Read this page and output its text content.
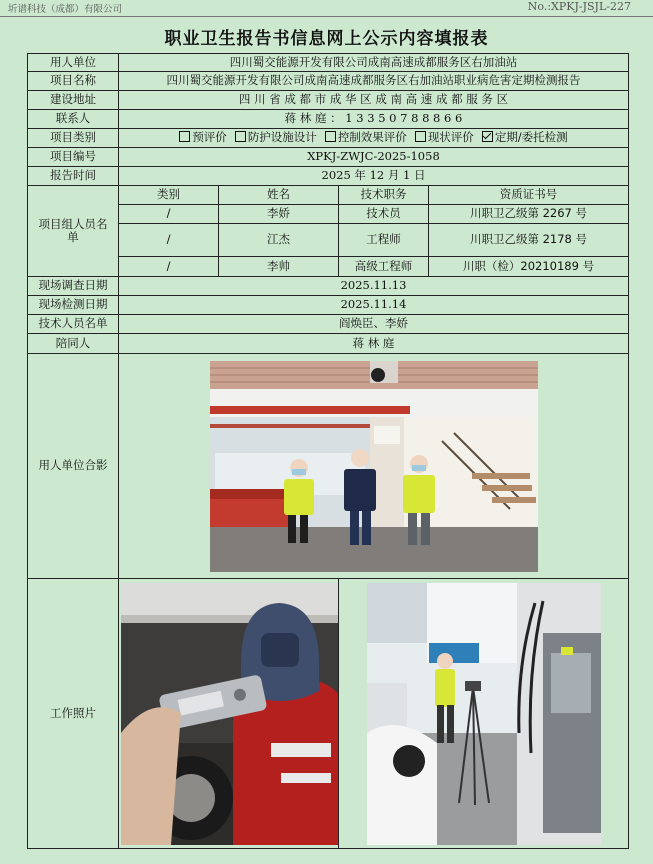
圻谱科技（成都）有限公司	No.:XPKJ-JSJL-227
职业卫生报告书信息网上公示内容填报表
用人单位	四川蜀交能源开发有限公司成南高速成都服务区右加油站			
项目名称	四川蜀交能源开发有限公司成南高速成都服务区右加油站职业病危害定期检测报告			
建设地址	四 川 省 成 都 市 成 华 区 成 南 高 速 成 都 服 务 区			
联系人	蒋 林 庭 ： 1 3 3 5 0 7 8 8 8 6 6			
项目类别	预评价 防护设施设计 控制效果评价 现状评价 定期/委托检测			
项目编号	XPKJ-ZWJC-2025-1058			
报告时间	2025 年 12 月 1 日			
项目组人员名单	类别	姓名	技术职务	资质证书号
	/	李娇	技术员	川职卫乙级第 2267 号
	/	江杰	工程师	川职卫乙级第 2178 号
	/	李帅	高级工程师	川职（检）20210189 号
现场调查日期	2025.11.13			
现场检测日期	2025.11.14			
技术人员名单	阎焕臣、李娇			
陪同人	蒋 林 庭			
用人单位合影	

工作照片	
